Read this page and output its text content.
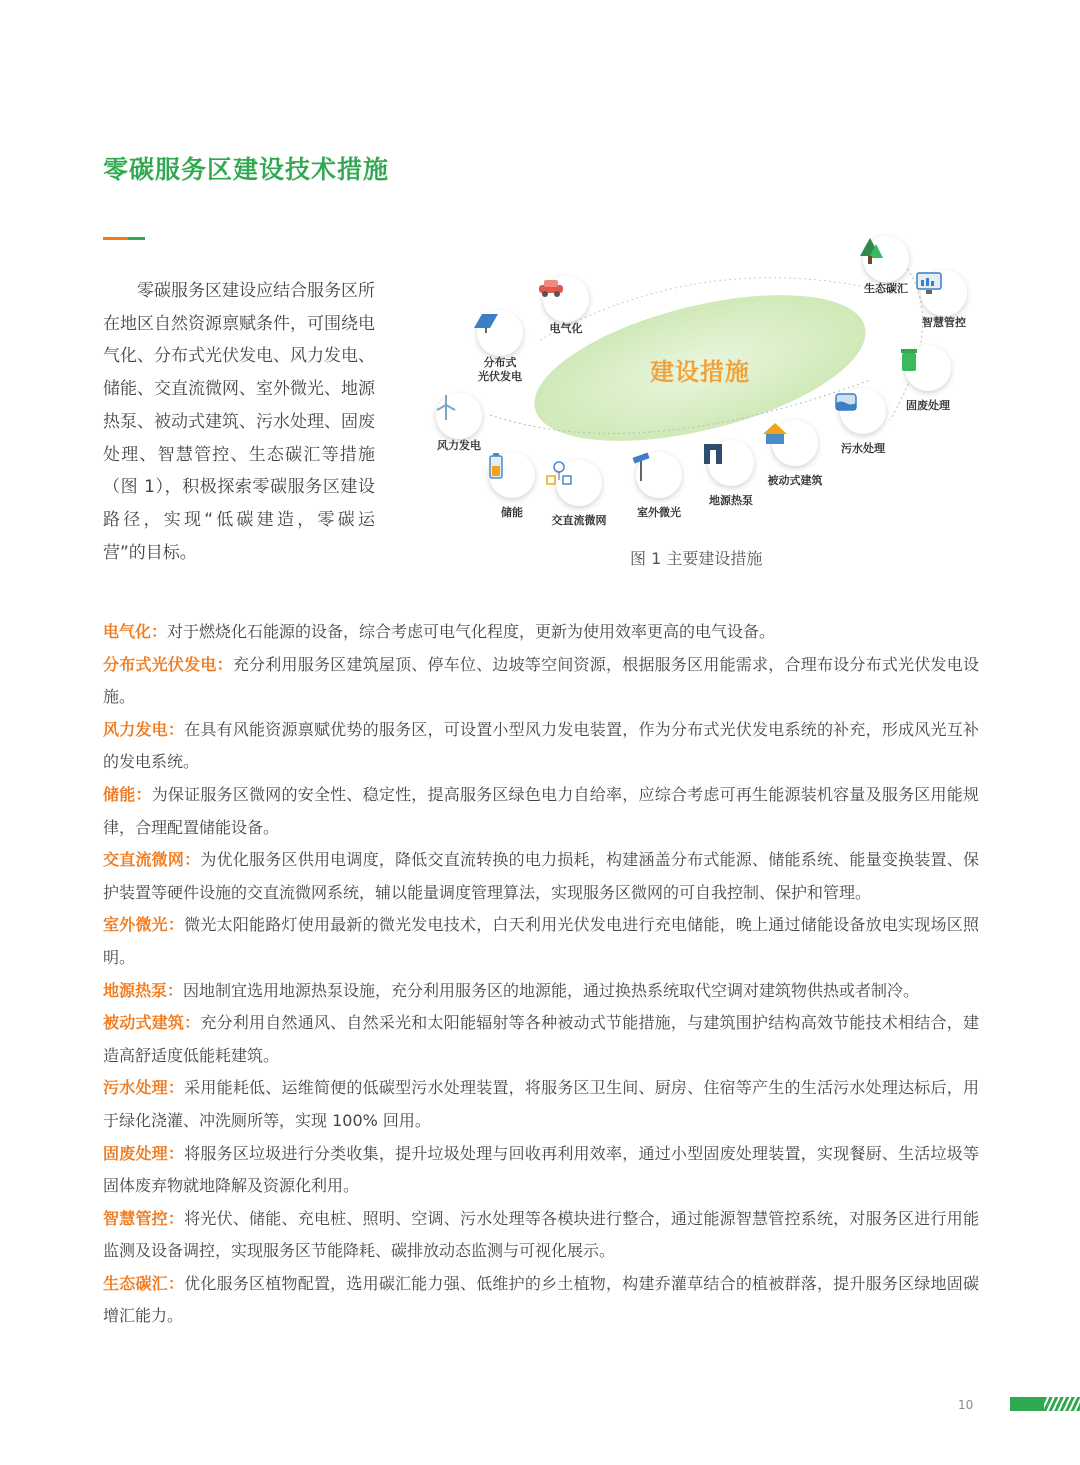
零碳服务区建设技术措施
零碳服务区建设应结合服务区所在地区自然资源禀赋条件，可围绕电气化、分布式光伏发电、风力发电、储能、交直流微网、室外微光、地源热泵、被动式建筑、污水处理、固废处理、智慧管控、生态碳汇等措施（图 1），积极探索零碳服务区建设路径，实现“低碳建造，零碳运营”的目标。
建设措施
电气化
分布式
光伏发电
风力发电
储能
交直流微网
室外微光
地源热泵
被动式建筑
污水处理
固废处理
智慧管控
生态碳汇
图 1 主要建设措施
电气化：对于燃烧化石能源的设备，综合考虑可电气化程度，更新为使用效率更高的电气设备。
分布式光伏发电：充分利用服务区建筑屋顶、停车位、边坡等空间资源，根据服务区用能需求，合理布设分布式光伏发电设施。
风力发电：在具有风能资源禀赋优势的服务区，可设置小型风力发电装置，作为分布式光伏发电系统的补充，形成风光互补的发电系统。
储能：为保证服务区微网的安全性、稳定性，提高服务区绿色电力自给率，应综合考虑可再生能源装机容量及服务区用能规律，合理配置储能设备。
交直流微网：为优化服务区供用电调度，降低交直流转换的电力损耗，构建涵盖分布式能源、储能系统、能量变换装置、保护装置等硬件设施的交直流微网系统，辅以能量调度管理算法，实现服务区微网的可自我控制、保护和管理。
室外微光：微光太阳能路灯使用最新的微光发电技术，白天利用光伏发电进行充电储能，晚上通过储能设备放电实现场区照明。
地源热泵：因地制宜选用地源热泵设施，充分利用服务区的地源能，通过换热系统取代空调对建筑物供热或者制冷。
被动式建筑：充分利用自然通风、自然采光和太阳能辐射等各种被动式节能措施，与建筑围护结构高效节能技术相结合，建造高舒适度低能耗建筑。
污水处理：采用能耗低、运维简便的低碳型污水处理装置，将服务区卫生间、厨房、住宿等产生的生活污水处理达标后，用于绿化浇灌、冲洗厕所等，实现 100% 回用。
固废处理：将服务区垃圾进行分类收集，提升垃圾处理与回收再利用效率，通过小型固废处理装置，实现餐厨、生活垃圾等固体废弃物就地降解及资源化利用。
智慧管控：将光伏、储能、充电桩、照明、空调、污水处理等各模块进行整合，通过能源智慧管控系统，对服务区进行用能监测及设备调控，实现服务区节能降耗、碳排放动态监测与可视化展示。
生态碳汇：优化服务区植物配置，选用碳汇能力强、低维护的乡土植物，构建乔灌草结合的植被群落，提升服务区绿地固碳增汇能力。
10
